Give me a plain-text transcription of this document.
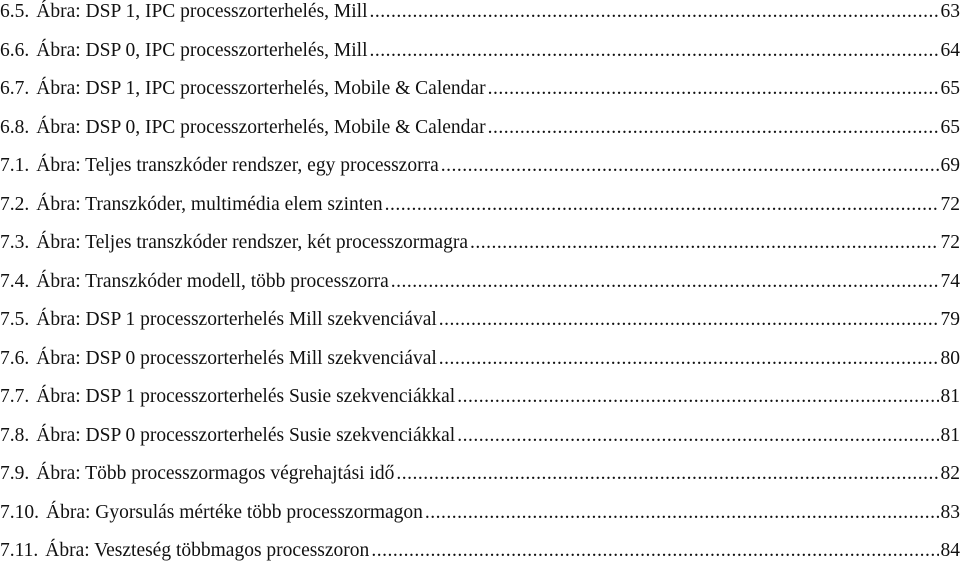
6.5. Ábra: DSP 1, IPC processzorterhelés, Mill .....	63
6.6. Ábra: DSP 0, IPC processzorterhelés, Mill .....	64
6.7. Ábra: DSP 1, IPC processzorterhelés, Mobile & Calendar .....	65
6.8. Ábra: DSP 0, IPC processzorterhelés, Mobile & Calendar .....	65
7.1. Ábra: Teljes transzkóder rendszer, egy processzorra .....	69
7.2. Ábra: Transzkóder, multimédia elem szinten .....	72
7.3. Ábra: Teljes transzkóder rendszer, két processzormagra .....	72
7.4. Ábra: Transzkóder modell, több processzorra .....	74
7.5. Ábra: DSP 1 processzorterhelés Mill szekvenciával .....	79
7.6. Ábra: DSP 0 processzorterhelés Mill szekvenciával .....	80
7.7. Ábra: DSP 1 processzorterhelés Susie szekvenciákkal .....	81
7.8. Ábra: DSP 0 processzorterhelés Susie szekvenciákkal .....	81
7.9. Ábra: Több processzormagos végrehajtási idő .....	82
7.10. Ábra: Gyorsulás mértéke több processzormagon .....	83
7.11. Ábra: Veszteség többmagos processzoron .....	84
